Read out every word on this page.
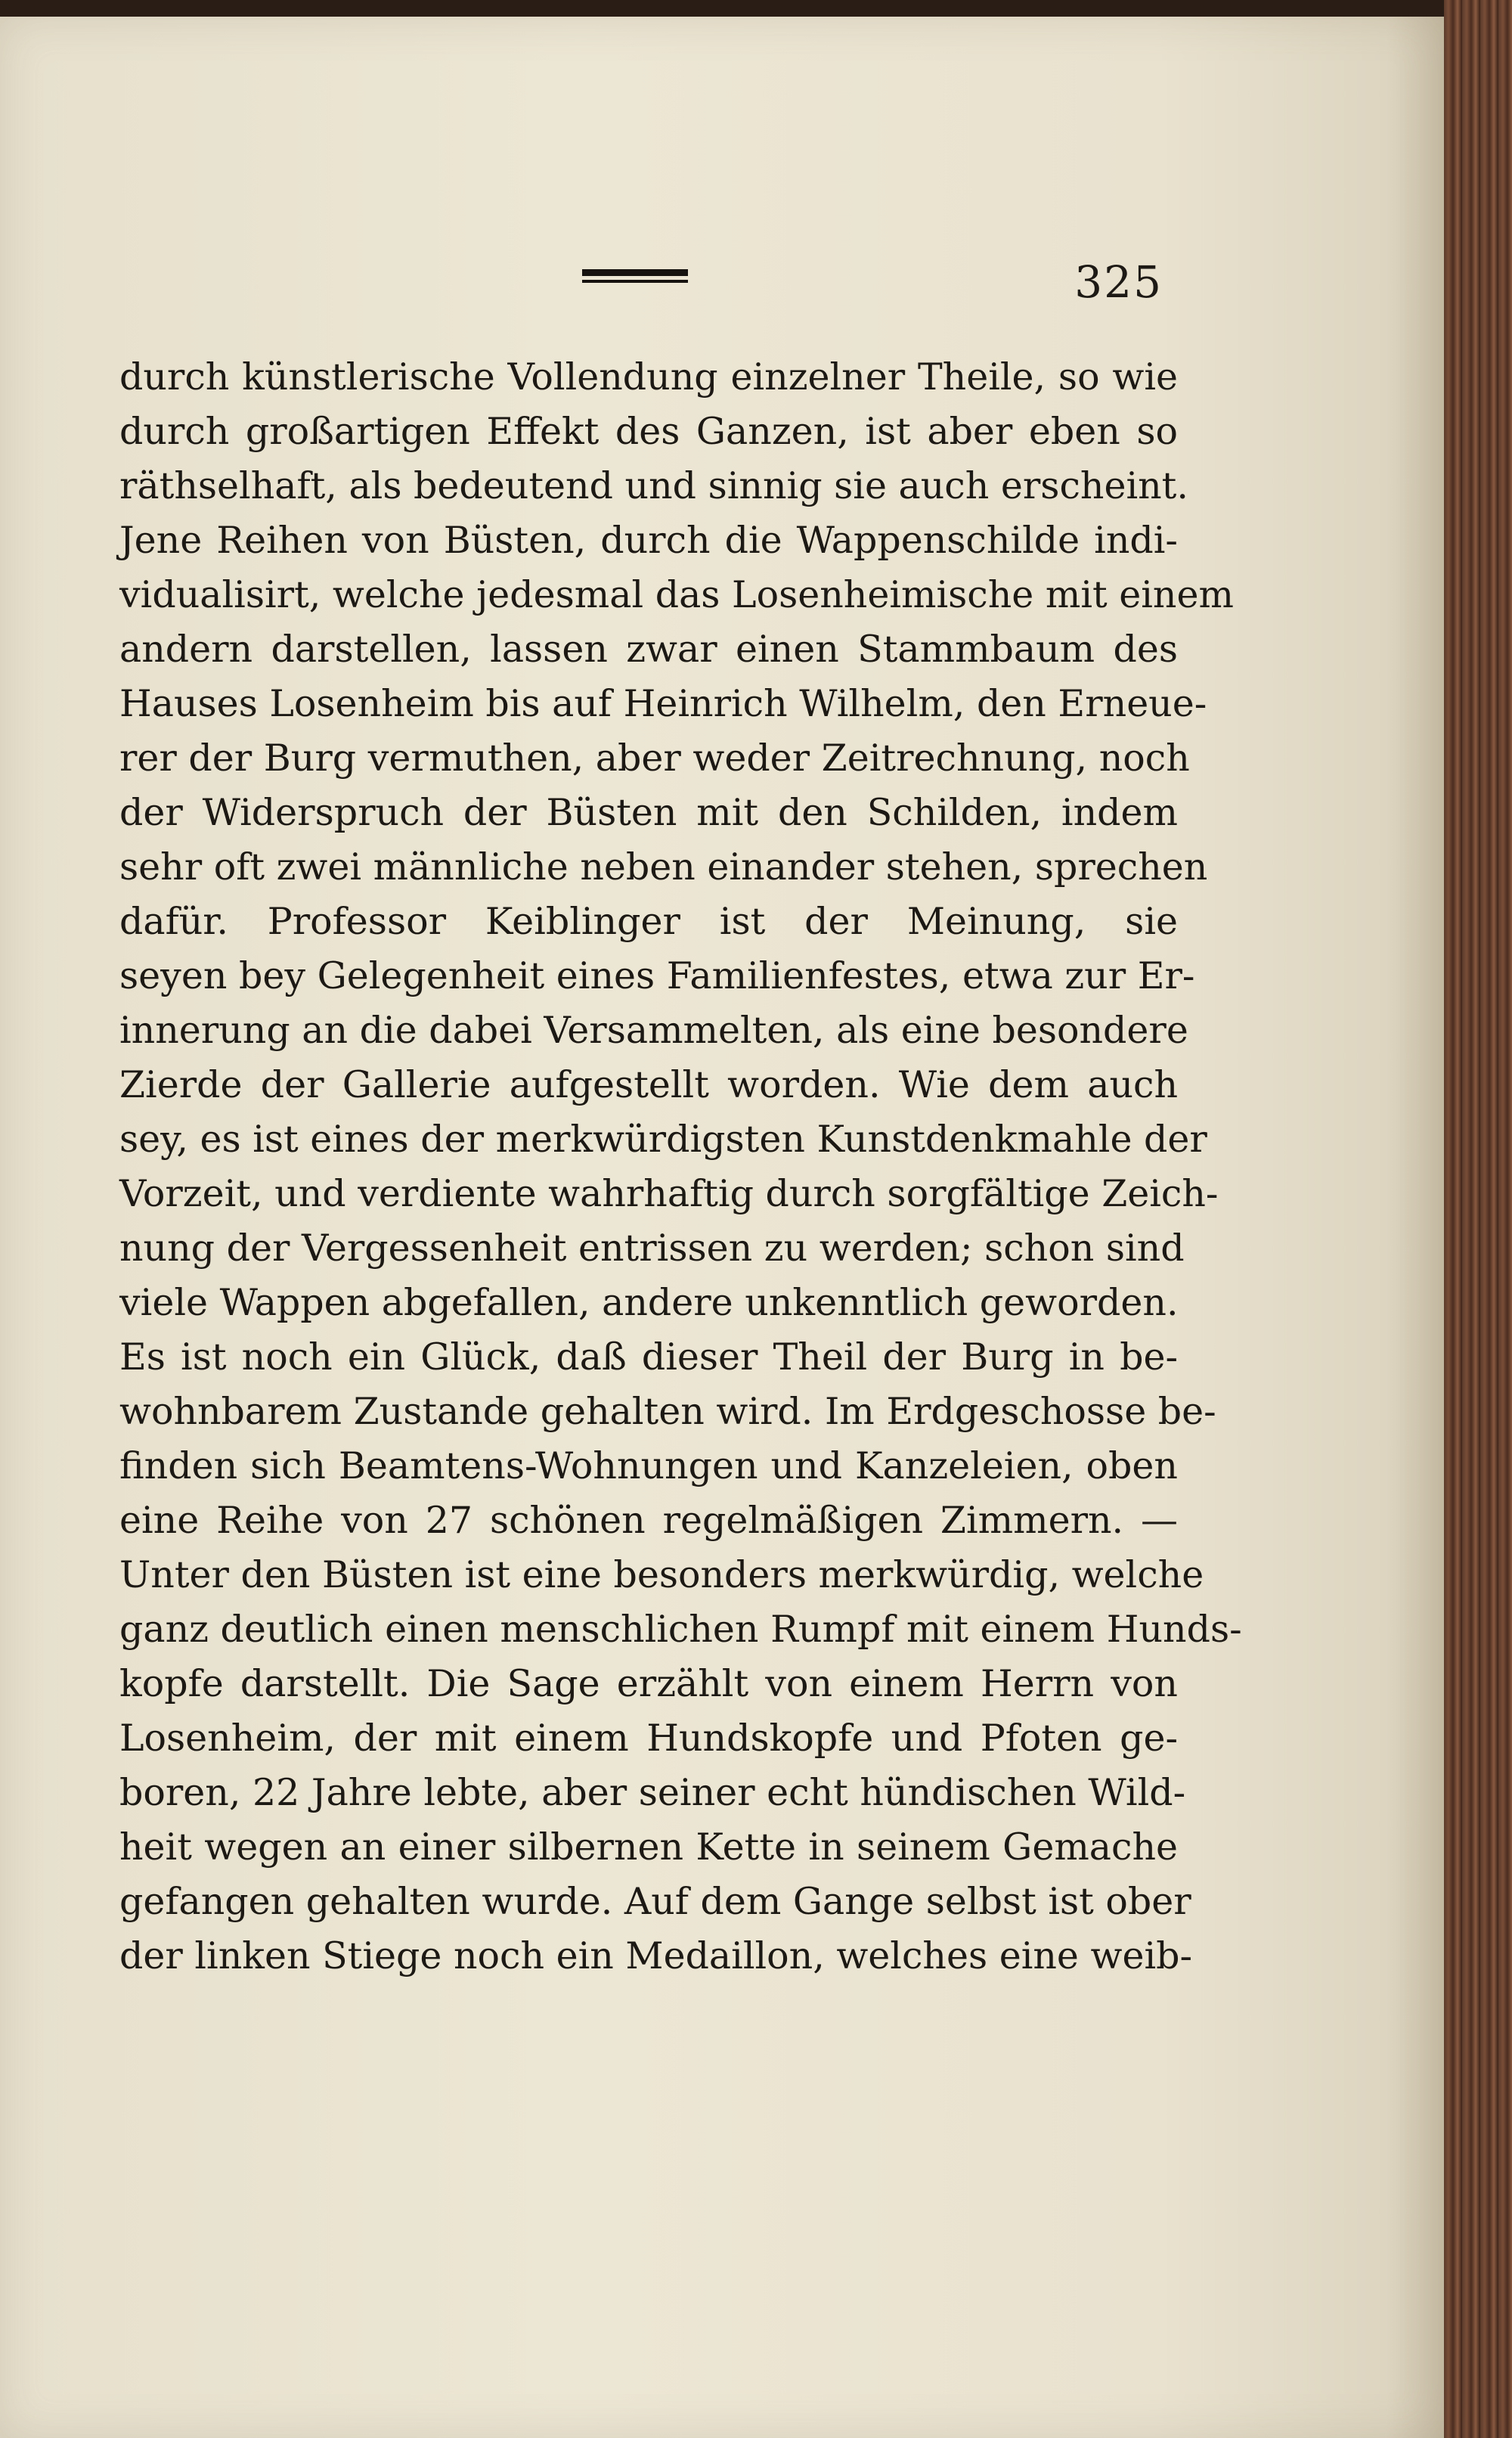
325
durch künstlerische Vollendung einzelner Theile, so wie
durch großartigen Effekt des Ganzen, ist aber eben so
räthselhaft, als bedeutend und sinnig sie auch erscheint.
Jene Reihen von Büsten, durch die Wappenschilde indi-
vidualisirt, welche jedesmal das Losenheimische mit einem
andern darstellen, lassen zwar einen Stammbaum des
Hauses Losenheim bis auf Heinrich Wilhelm, den Erneue-
rer der Burg vermuthen, aber weder Zeitrechnung, noch
der Widerspruch der Büsten mit den Schilden, indem
sehr oft zwei männliche neben einander stehen, sprechen
dafür. Professor Keiblinger ist der Meinung, sie
seyen bey Gelegenheit eines Familienfestes, etwa zur Er-
innerung an die dabei Versammelten, als eine besondere
Zierde der Gallerie aufgestellt worden. Wie dem auch
sey, es ist eines der merkwürdigsten Kunstdenkmahle der
Vorzeit, und verdiente wahrhaftig durch sorgfältige Zeich-
nung der Vergessenheit entrissen zu werden; schon sind
viele Wappen abgefallen, andere unkenntlich geworden.
Es ist noch ein Glück, daß dieser Theil der Burg in be-
wohnbarem Zustande gehalten wird. Im Erdgeschosse be-
finden sich Beamtens-Wohnungen und Kanzeleien, oben
eine Reihe von 27 schönen regelmäßigen Zimmern. —
Unter den Büsten ist eine besonders merkwürdig, welche
ganz deutlich einen menschlichen Rumpf mit einem Hunds-
kopfe darstellt. Die Sage erzählt von einem Herrn von
Losenheim, der mit einem Hundskopfe und Pfoten ge-
boren, 22 Jahre lebte, aber seiner echt hündischen Wild-
heit wegen an einer silbernen Kette in seinem Gemache
gefangen gehalten wurde. Auf dem Gange selbst ist ober
der linken Stiege noch ein Medaillon, welches eine weib-
